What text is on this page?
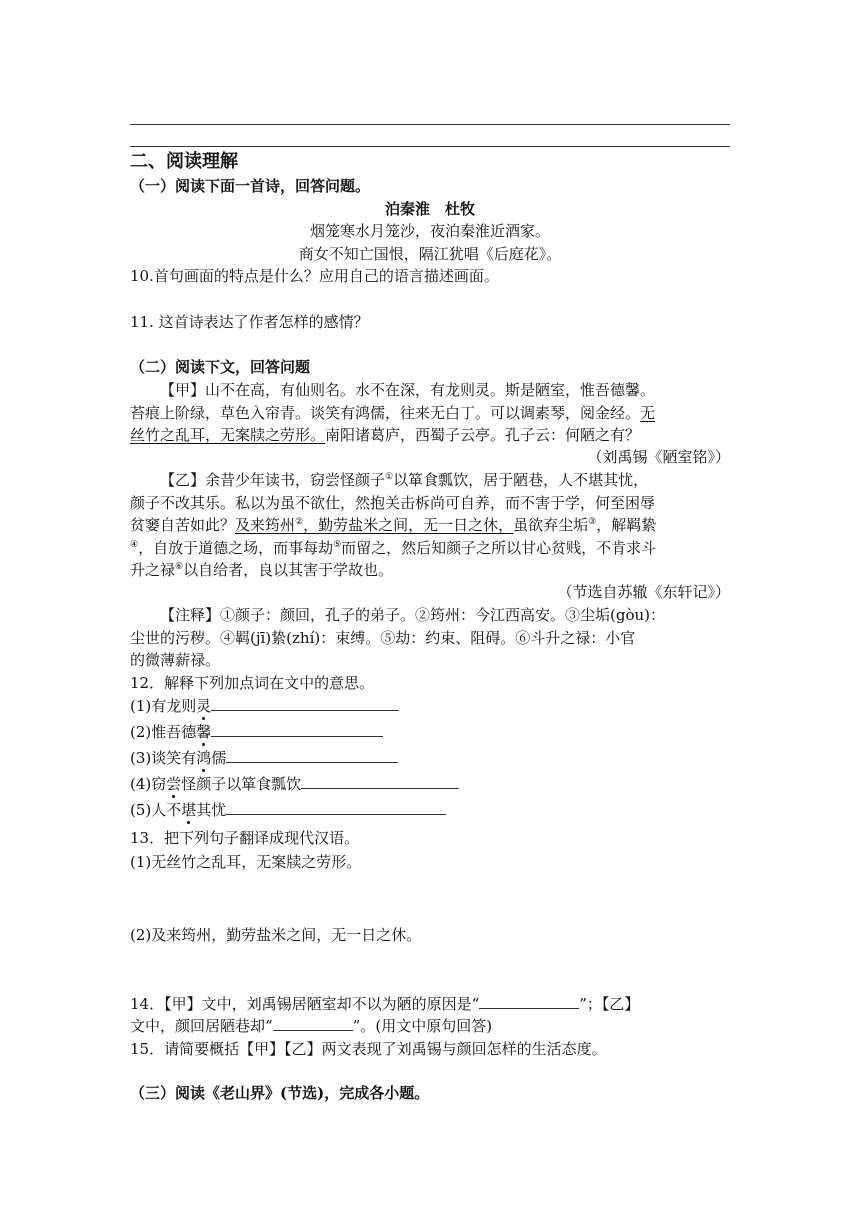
二、阅读理解
（一）阅读下面一首诗，回答问题。
泊秦淮　杜牧
烟笼寒水月笼沙，夜泊秦淮近酒家。
商女不知亡国恨，隔江犹唱《后庭花》。
10.首句画面的特点是什么？应用自己的语言描述画面。
11. 这首诗表达了作者怎样的感情？
（二）阅读下文，回答问题
【甲】山不在高，有仙则名。水不在深，有龙则灵。斯是陋室，惟吾德馨。
苔痕上阶绿，草色入帘青。谈笑有鸿儒，往来无白丁。可以调素琴，阅金经。无
丝竹之乱耳，无案牍之劳形。南阳诸葛庐，西蜀子云亭。孔子云：何陋之有？
（刘禹锡《陋室铭》）
【乙】余昔少年读书，窃尝怪颜子①以箪食瓢饮，居于陋巷，人不堪其忧，
颜子不改其乐。私以为虽不欲仕，然抱关击柝尚可自养，而不害于学，何至困辱
贫窭自苦如此？及来筠州②，勤劳盐米之间，无一日之休，虽欲弃尘垢③，解羁絷
④，自放于道德之场，而事每劫⑤而留之，然后知颜子之所以甘心贫贱，不肯求斗
升之禄⑥以自给者，良以其害于学故也。
（节选自苏辙《东轩记》）
【注释】①颜子：颜回，孔子的弟子。②筠州：今江西高安。③尘垢(gòu)：
尘世的污秽。④羁(jī)絷(zhí)：束缚。⑤劫：约束、阻碍。⑥斗升之禄：小官
的微薄薪禄。
12．解释下列加点词在文中的意思。
(1)有龙则灵
(2)惟吾德馨
(3)谈笑有鸿儒
(4)窃尝怪颜子以箪食瓢饮
(5)人不堪其忧
13．把下列句子翻译成现代汉语。
(1)无丝竹之乱耳，无案牍之劳形。
(2)及来筠州，勤劳盐米之间，无一日之休。
14．【甲】文中，刘禹锡居陋室却不以为陋的原因是“	”；【乙】
文中，颜回居陋巷却“	”。(用文中原句回答)
15．请简要概括【甲】【乙】两文表现了刘禹锡与颜回怎样的生活态度。
（三）阅读《老山界》(节选)，完成各小题。
